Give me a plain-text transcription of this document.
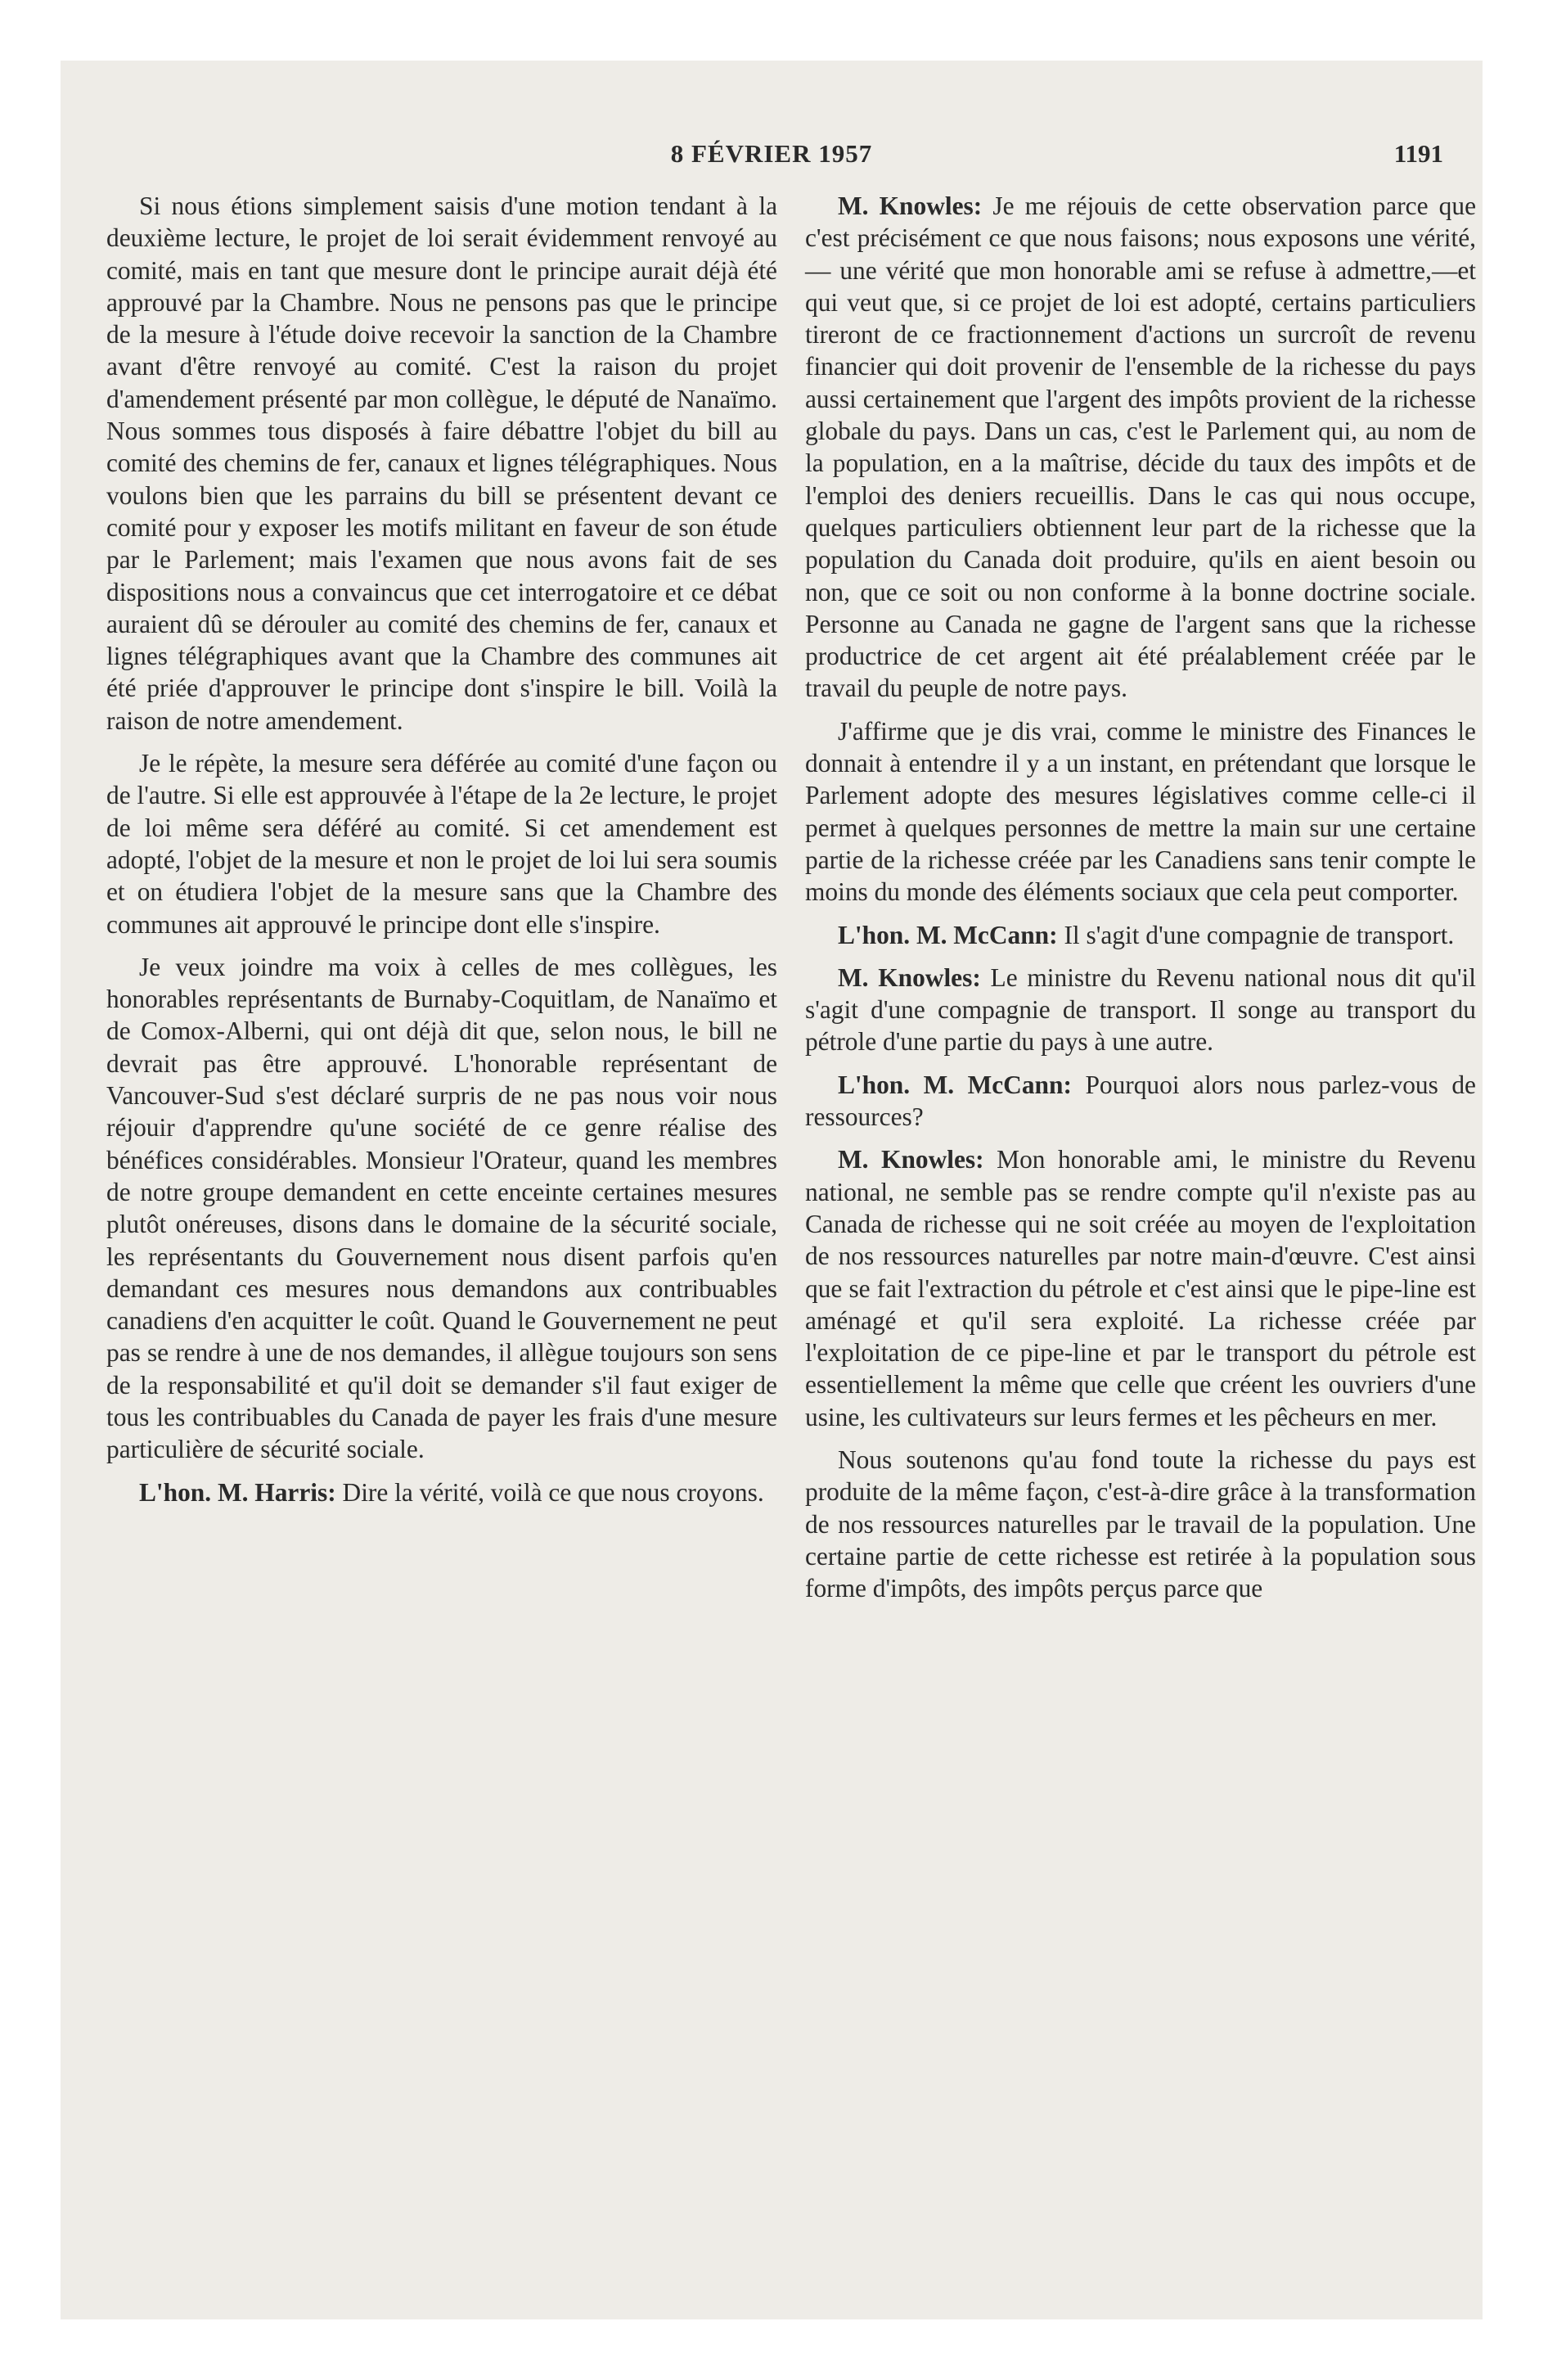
8 FÉVRIER 1957	1191

Si nous étions simplement saisis d'une motion tendant à la deuxième lecture, le projet de loi serait évidemment renvoyé au comité, mais en tant que mesure dont le principe aurait déjà été approuvé par la Chambre. Nous ne pensons pas que le principe de la mesure à l'étude doive recevoir la sanction de la Chambre avant d'être renvoyé au comité. C'est la raison du projet d'amendement présenté par mon collègue, le député de Nanaïmo. Nous sommes tous disposés à faire débattre l'objet du bill au comité des chemins de fer, canaux et lignes télégraphiques. Nous voulons bien que les parrains du bill se présentent devant ce comité pour y exposer les motifs militant en faveur de son étude par le Parlement; mais l'examen que nous avons fait de ses dispositions nous a convaincus que cet interrogatoire et ce débat auraient dû se dérouler au comité des chemins de fer, canaux et lignes télégraphiques avant que la Chambre des communes ait été priée d'approuver le principe dont s'inspire le bill. Voilà la raison de notre amendement.

Je le répète, la mesure sera déférée au comité d'une façon ou de l'autre. Si elle est approuvée à l'étape de la 2e lecture, le projet de loi même sera déféré au comité. Si cet amendement est adopté, l'objet de la mesure et non le projet de loi lui sera soumis et on étudiera l'objet de la mesure sans que la Chambre des communes ait approuvé le principe dont elle s'inspire.

Je veux joindre ma voix à celles de mes collègues, les honorables représentants de Burnaby-Coquitlam, de Nanaïmo et de Comox-Alberni, qui ont déjà dit que, selon nous, le bill ne devrait pas être approuvé. L'honorable représentant de Vancouver-Sud s'est déclaré surpris de ne pas nous voir nous réjouir d'apprendre qu'une société de ce genre réalise des bénéfices considérables. Monsieur l'Orateur, quand les membres de notre groupe demandent en cette enceinte certaines mesures plutôt onéreuses, disons dans le domaine de la sécurité sociale, les représentants du Gouvernement nous disent parfois qu'en demandant ces mesures nous demandons aux contribuables canadiens d'en acquitter le coût. Quand le Gouvernement ne peut pas se rendre à une de nos demandes, il allègue toujours son sens de la responsabilité et qu'il doit se demander s'il faut exiger de tous les contribuables du Canada de payer les frais d'une mesure particulière de sécurité sociale.

L'hon. M. Harris: Dire la vérité, voilà ce que nous croyons.

M. Knowles: Je me réjouis de cette observation parce que c'est précisément ce que nous faisons; nous exposons une vérité,— une vérité que mon honorable ami se refuse à admettre,—et qui veut que, si ce projet de loi est adopté, certains particuliers tireront de ce fractionnement d'actions un surcroît de revenu financier qui doit provenir de l'ensemble de la richesse du pays aussi certainement que l'argent des impôts provient de la richesse globale du pays. Dans un cas, c'est le Parlement qui, au nom de la population, en a la maîtrise, décide du taux des impôts et de l'emploi des deniers recueillis. Dans le cas qui nous occupe, quelques particuliers obtiennent leur part de la richesse que la population du Canada doit produire, qu'ils en aient besoin ou non, que ce soit ou non conforme à la bonne doctrine sociale. Personne au Canada ne gagne de l'argent sans que la richesse productrice de cet argent ait été préalablement créée par le travail du peuple de notre pays.

J'affirme que je dis vrai, comme le ministre des Finances le donnait à entendre il y a un instant, en prétendant que lorsque le Parlement adopte des mesures législatives comme celle-ci il permet à quelques personnes de mettre la main sur une certaine partie de la richesse créée par les Canadiens sans tenir compte le moins du monde des éléments sociaux que cela peut comporter.

L'hon. M. McCann: Il s'agit d'une compagnie de transport.

M. Knowles: Le ministre du Revenu national nous dit qu'il s'agit d'une compagnie de transport. Il songe au transport du pétrole d'une partie du pays à une autre.

L'hon. M. McCann: Pourquoi alors nous parlez-vous de ressources?

M. Knowles: Mon honorable ami, le ministre du Revenu national, ne semble pas se rendre compte qu'il n'existe pas au Canada de richesse qui ne soit créée au moyen de l'exploitation de nos ressources naturelles par notre main-d'œuvre. C'est ainsi que se fait l'extraction du pétrole et c'est ainsi que le pipe-line est aménagé et qu'il sera exploité. La richesse créée par l'exploitation de ce pipe-line et par le transport du pétrole est essentiellement la même que celle que créent les ouvriers d'une usine, les cultivateurs sur leurs fermes et les pêcheurs en mer.

Nous soutenons qu'au fond toute la richesse du pays est produite de la même façon, c'est-à-dire grâce à la transformation de nos ressources naturelles par le travail de la population. Une certaine partie de cette richesse est retirée à la population sous forme d'impôts, des impôts perçus parce que
